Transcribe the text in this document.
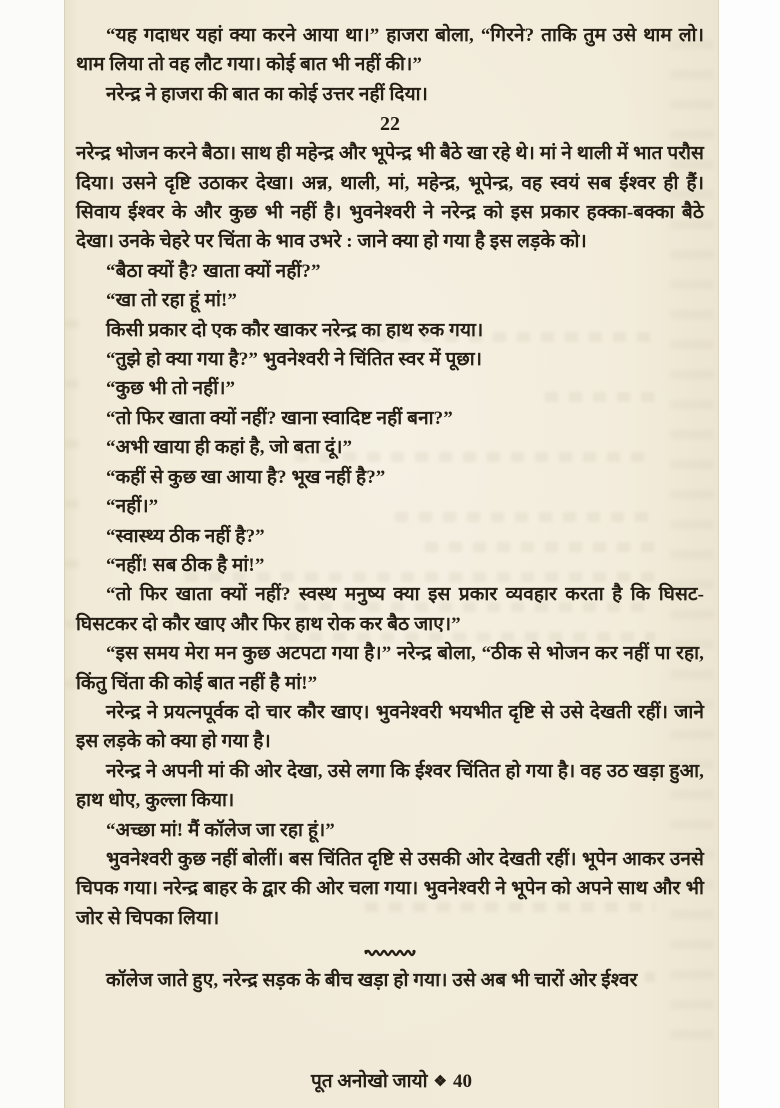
“यह गदाधर यहां क्या करने आया था।” हाजरा बोला, “गिरने? ताकि तुम उसे थाम लो। थाम लिया तो वह लौट गया। कोई बात भी नहीं की।”

नरेन्द्र ने हाजरा की बात का कोई उत्तर नहीं दिया।

22

नरेन्द्र भोजन करने बैठा। साथ ही महेन्द्र और भूपेन्द्र भी बैठे खा रहे थे। मां ने थाली में भात परौस दिया। उसने दृष्टि उठाकर देखा। अन्न, थाली, मां, महेन्द्र, भूपेन्द्र, वह स्वयं सब ईश्वर ही हैं। सिवाय ईश्वर के और कुछ भी नहीं है। भुवनेश्वरी ने नरेन्द्र को इस प्रकार हक्का-बक्का बैठे देखा। उनके चेहरे पर चिंता के भाव उभरे : जाने क्या हो गया है इस लड़के को।

“बैठा क्यों है? खाता क्यों नहीं?”

“खा तो रहा हूं मां!”

किसी प्रकार दो एक कौर खाकर नरेन्द्र का हाथ रुक गया।

“तुझे हो क्या गया है?” भुवनेश्वरी ने चिंतित स्वर में पूछा।

“कुछ भी तो नहीं।”

“तो फिर खाता क्यों नहीं? खाना स्वादिष्ट नहीं बना?”

“अभी खाया ही कहां है, जो बता दूं।”

“कहीं से कुछ खा आया है? भूख नहीं है?”

“नहीं।”

“स्वास्थ्य ठीक नहीं है?”

“नहीं! सब ठीक है मां!”

“तो फिर खाता क्यों नहीं? स्वस्थ मनुष्य क्या इस प्रकार व्यवहार करता है कि घिसट-घिसटकर दो कौर खाए और फिर हाथ रोक कर बैठ जाए।”

“इस समय मेरा मन कुछ अटपटा गया है।” नरेन्द्र बोला, “ठीक से भोजन कर नहीं पा रहा, किंतु चिंता की कोई बात नहीं है मां!”

नरेन्द्र ने प्रयत्नपूर्वक दो चार कौर खाए। भुवनेश्वरी भयभीत दृष्टि से उसे देखती रहीं। जाने इस लड़के को क्या हो गया है।

नरेन्द्र ने अपनी मां की ओर देखा, उसे लगा कि ईश्वर चिंतित हो गया है। वह उठ खड़ा हुआ, हाथ धोए, कुल्ला किया।

“अच्छा मां! मैं कॉलेज जा रहा हूं।”

भुवनेश्वरी कुछ नहीं बोलीं। बस चिंतित दृष्टि से उसकी ओर देखती रहीं। भूपेन आकर उनसे चिपक गया। नरेन्द्र बाहर के द्वार की ओर चला गया। भुवनेश्वरी ने भूपेन को अपने साथ और भी जोर से चिपका लिया।

कॉलेज जाते हुए, नरेन्द्र सड़क के बीच खड़ा हो गया। उसे अब भी चारों ओर ईश्वर

पूत अनोखो जायो ❖ 40
